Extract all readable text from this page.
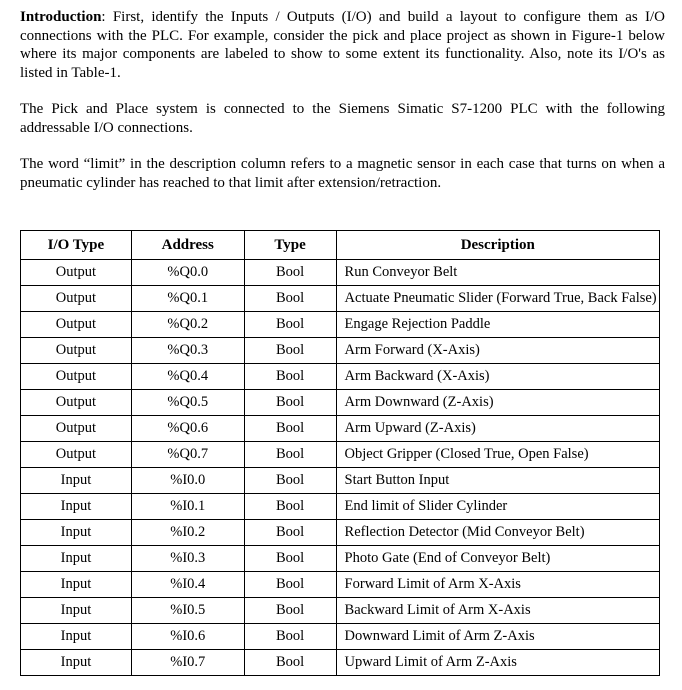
Introduction: First, identify the Inputs / Outputs (I/O) and build a layout to configure them as I/O connections with the PLC. For example, consider the pick and place project as shown in Figure-1 below where its major components are labeled to show to some extent its functionality. Also, note its I/O's as listed in Table-1.

The Pick and Place system is connected to the Siemens Simatic S7-1200 PLC with the following addressable I/O connections.

The word “limit” in the description column refers to a magnetic sensor in each case that turns on when a pneumatic cylinder has reached to that limit after extension/retraction.

I/O Type	Address	Type	Description
Output	%Q0.0	Bool	Run Conveyor Belt
Output	%Q0.1	Bool	Actuate Pneumatic Slider (Forward True, Back False)
Output	%Q0.2	Bool	Engage Rejection Paddle
Output	%Q0.3	Bool	Arm Forward (X-Axis)
Output	%Q0.4	Bool	Arm Backward (X-Axis)
Output	%Q0.5	Bool	Arm Downward (Z-Axis)
Output	%Q0.6	Bool	Arm Upward (Z-Axis)
Output	%Q0.7	Bool	Object Gripper (Closed True, Open False)
Input	%I0.0	Bool	Start Button Input
Input	%I0.1	Bool	End limit of Slider Cylinder
Input	%I0.2	Bool	Reflection Detector (Mid Conveyor Belt)
Input	%I0.3	Bool	Photo Gate (End of Conveyor Belt)
Input	%I0.4	Bool	Forward Limit of Arm X-Axis
Input	%I0.5	Bool	Backward Limit of Arm X-Axis
Input	%I0.6	Bool	Downward Limit of Arm Z-Axis
Input	%I0.7	Bool	Upward Limit of Arm Z-Axis
